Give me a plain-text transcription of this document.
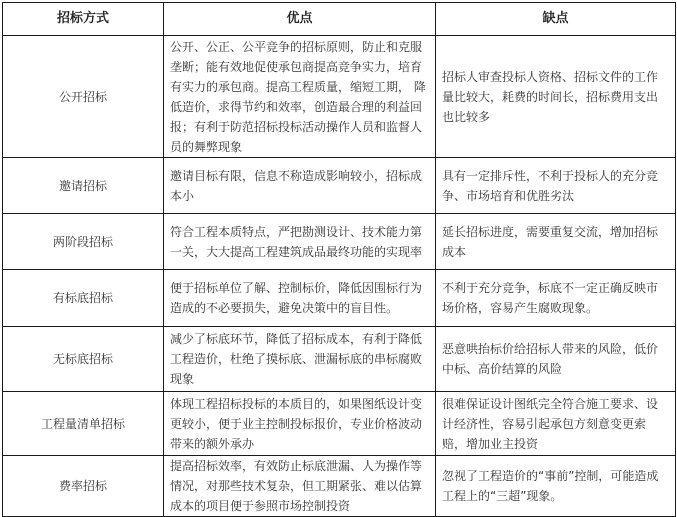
招标方式	优点	缺点
公开招标	公开、公正、公平竞争的招标原则，防止和克服垄断；能有效地促使承包商提高竞争实力，培育有实力的承包商。提高工程质量，缩短工期， 降低造价，求得节约和效率，创造最合理的利益回报；有利于防范招标投标活动操作人员和监督人员的舞弊现象	招标人审查投标人资格、招标文件的工作量比较大，耗费的时间长，招标费用支出也比较多
邀请招标	邀请目标有限，信息不称造成影响较小，招标成本小	具有一定排斥性，不利于投标人的充分竞争、市场培育和优胜劣汰
两阶段招标	符合工程本质特点，严把勘测设计、技术能力第一关，大大提高工程建筑成品最终功能的实现率	延长招标进度，需要重复交流，增加招标成本
有标底招标	便于招标单位了解、控制标价，降低因围标行为造成的不必要损失，避免决策中的盲目性。	不利于充分竞争，标底不一定正确反映市场价格，容易产生腐败现象。
无标底招标	减少了标底环节，降低了招标成本，有利于降低工程造价，杜绝了摸标底、泄漏标底的串标腐败现象	恶意哄抬标价给招标人带来的风险，低价中标、高价结算的风险
工程量清单招标	体现工程招标投标的本质目的，如果图纸设计变更较小，便于业主控制投标报价，专业价格波动带来的额外承办	很难保证设计图纸完全符合施工要求、设计经济性，容易引起承包方刻意变更索赔，增加业主投资
费率招标	提高招标效率，有效防止标底泄漏、人为操作等情况，对那些技术复杂，但工期紧张、难以估算成本的项目便于参照市场控制投资	忽视了工程造价的“事前”控制，可能造成工程上的“三超”现象。
